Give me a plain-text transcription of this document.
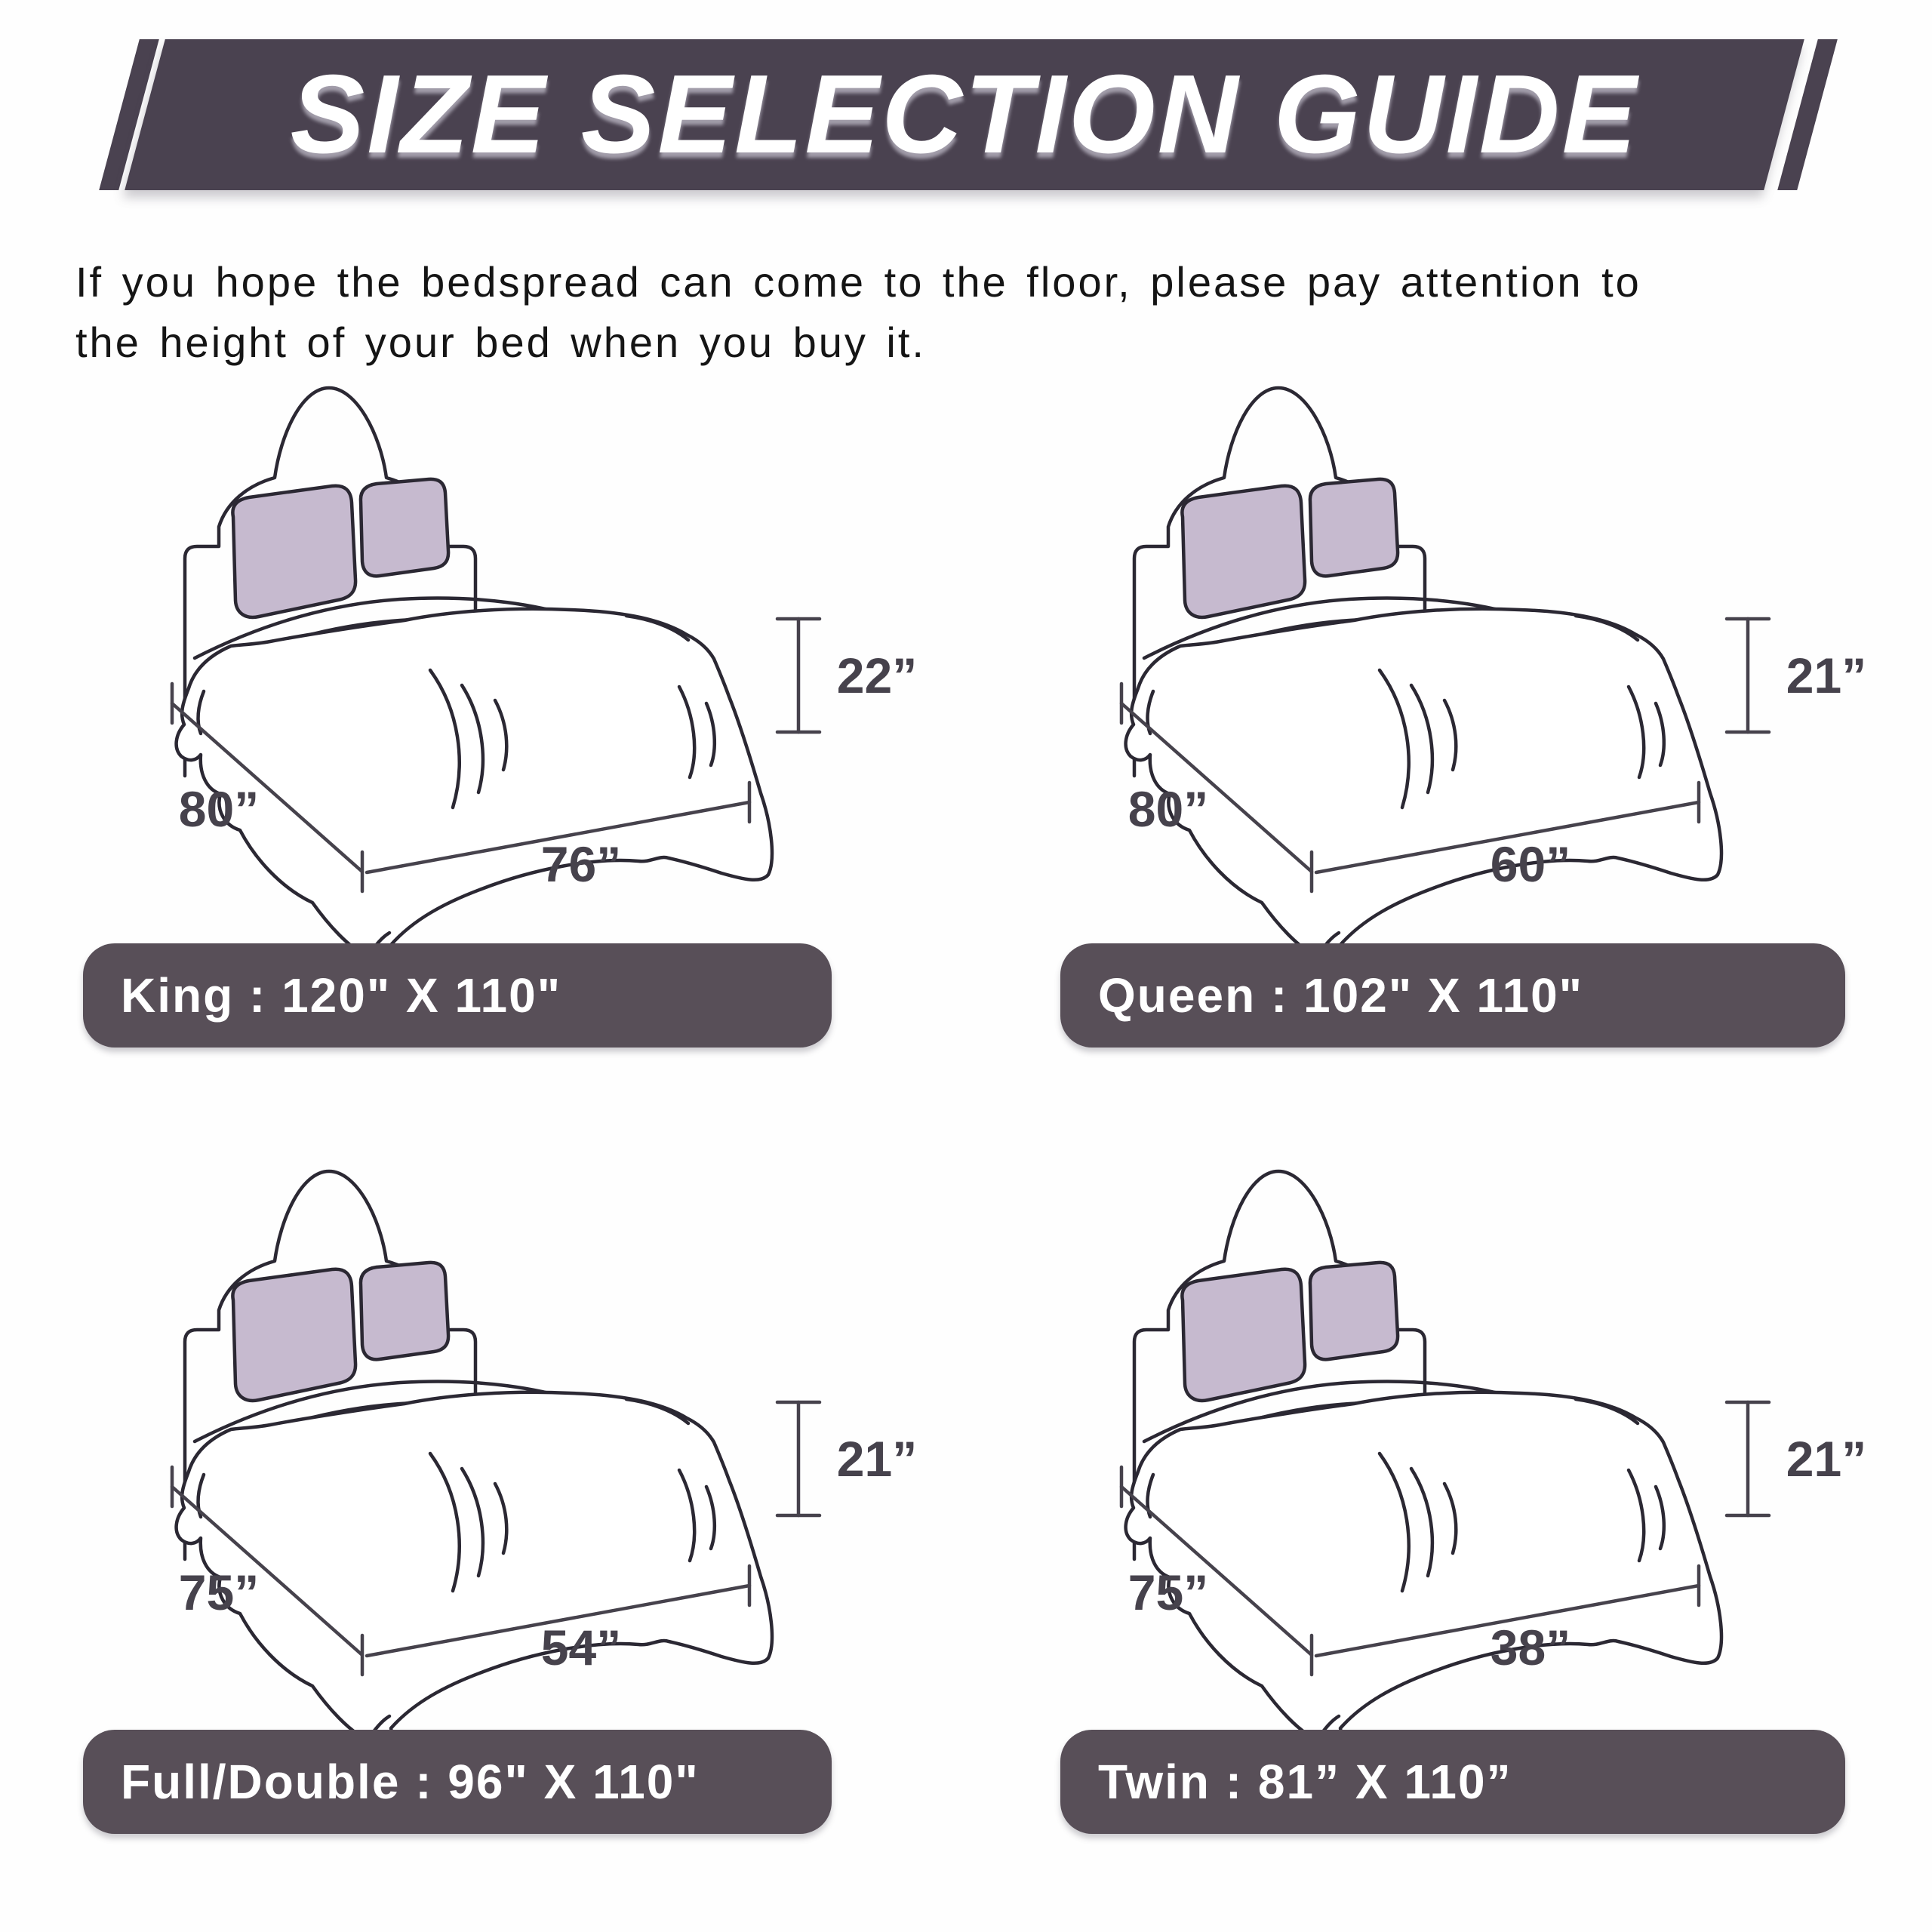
SIZE SELECTION GUIDE
If you hope the bedspread can come to the floor, please pay attention to
the height of your bed when you buy it.
80”
76”
22”
80”
60”
21”
75”
54”
21”
75”
38”
21”
King : 120" X 110"	Queen : 102" X 110"
Full/Double : 96" X 110"	Twin : 81” X 110”
